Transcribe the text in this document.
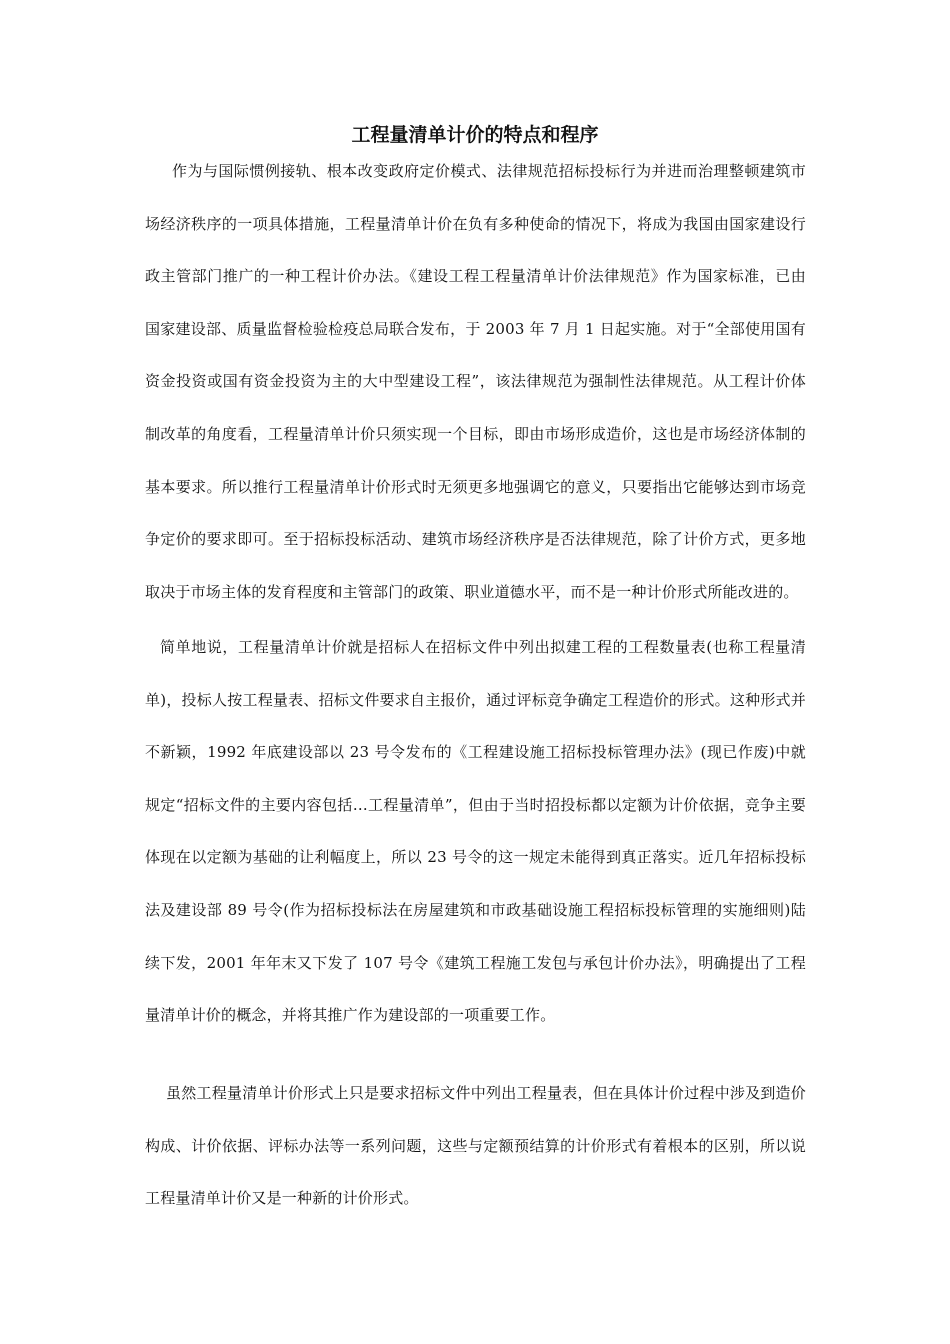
工程量清单计价的特点和程序

作为与国际惯例接轨、根本改变政府定价模式、法律规范招标投标行为并进而治理整顿建筑市场经济秩序的一项具体措施，工程量清单计价在负有多种使命的情况下，将成为我国由国家建设行政主管部门推广的一种工程计价办法。《建设工程工程量清单计价法律规范》作为国家标准，已由国家建设部、质量监督检验检疫总局联合发布，于 2003 年 7 月 1 日起实施。对于“全部使用国有资金投资或国有资金投资为主的大中型建设工程”，该法律规范为强制性法律规范。从工程计价体制改革的角度看，工程量清单计价只须实现一个目标，即由市场形成造价，这也是市场经济体制的基本要求。所以推行工程量清单计价形式时无须更多地强调它的意义，只要指出它能够达到市场竞争定价的要求即可。至于招标投标活动、建筑市场经济秩序是否法律规范，除了计价方式，更多地取决于市场主体的发育程度和主管部门的政策、职业道德水平，而不是一种计价形式所能改进的。

简单地说，工程量清单计价就是招标人在招标文件中列出拟建工程的工程数量表(也称工程量清单)，投标人按工程量表、招标文件要求自主报价，通过评标竞争确定工程造价的形式。这种形式并不新颖，1992 年底建设部以 23 号令发布的《工程建设施工招标投标管理办法》(现已作废)中就规定“招标文件的主要内容包括…工程量清单”，但由于当时招投标都以定额为计价依据，竞争主要体现在以定额为基础的让利幅度上，所以 23 号令的这一规定未能得到真正落实。近几年招标投标法及建设部 89 号令(作为招标投标法在房屋建筑和市政基础设施工程招标投标管理的实施细则)陆续下发，2001 年年末又下发了 107 号令《建筑工程施工发包与承包计价办法》，明确提出了工程量清单计价的概念，并将其推广作为建设部的一项重要工作。

虽然工程量清单计价形式上只是要求招标文件中列出工程量表，但在具体计价过程中涉及到造价构成、计价依据、评标办法等一系列问题，这些与定额预结算的计价形式有着根本的区别，所以说工程量清单计价又是一种新的计价形式。
